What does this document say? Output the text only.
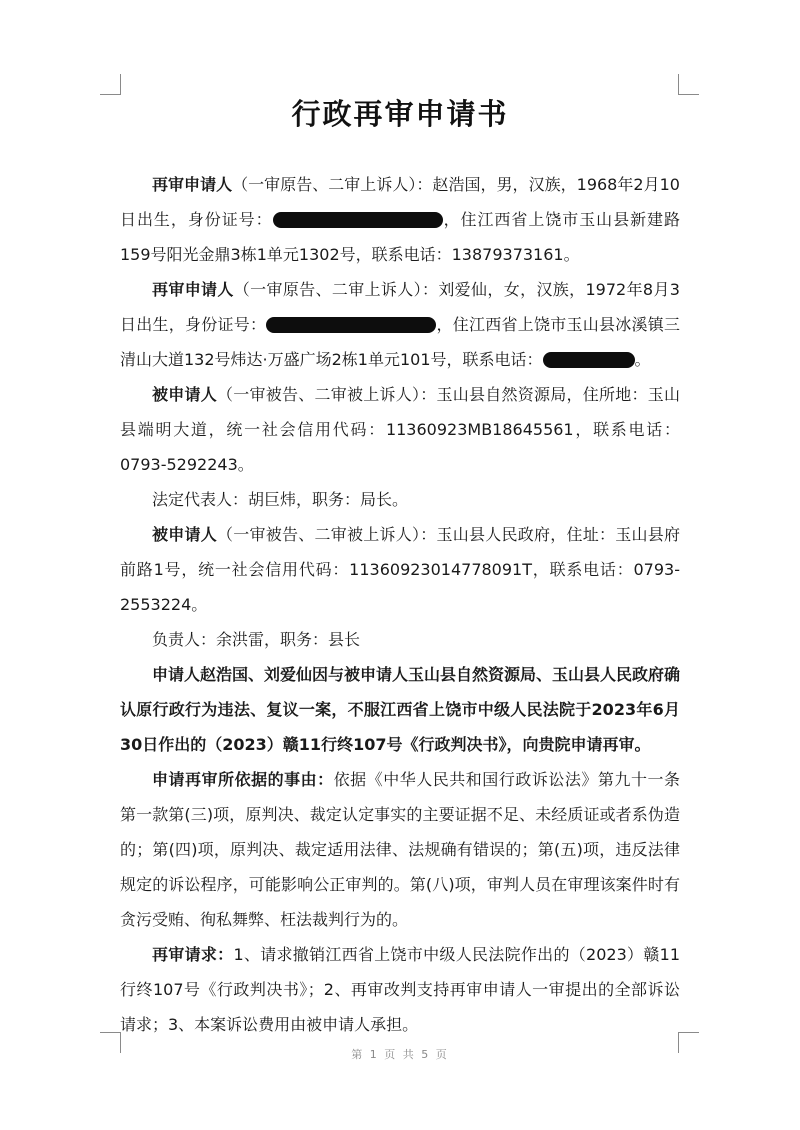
行政再审申请书

再审申请人（一审原告、二审上诉人）：赵浩国，男，汉族，1968年2月10日出生，身份证号：	，住江西省上饶市玉山县新建路159号阳光金鼎3栋1单元1302号，联系电话：13879373161。

再审申请人（一审原告、二审上诉人）：刘爱仙，女，汉族，1972年8月3日出生，身份证号：	，住江西省上饶市玉山县冰溪镇三清山大道132号炜达·万盛广场2栋1单元101号，联系电话：	。

被申请人（一审被告、二审被上诉人）：玉山县自然资源局，住所地：玉山县端明大道，统一社会信用代码：11360923MB18645561，联系电话：0793-5292243。

法定代表人：胡巨炜，职务：局长。

被申请人（一审被告、二审被上诉人）：玉山县人民政府，住址：玉山县府前路1号，统一社会信用代码：11360923014778091T，联系电话：0793-2553224。

负责人：余洪雷，职务：县长

申请人赵浩国、刘爱仙因与被申请人玉山县自然资源局、玉山县人民政府确认原行政行为违法、复议一案，不服江西省上饶市中级人民法院于2023年6月30日作出的（2023）赣11行终107号《行政判决书》，向贵院申请再审。

申请再审所依据的事由：依据《中华人民共和国行政诉讼法》第九十一条第一款第(三)项，原判决、裁定认定事实的主要证据不足、未经质证或者系伪造的；第(四)项，原判决、裁定适用法律、法规确有错误的；第(五)项，违反法律规定的诉讼程序，可能影响公正审判的。第(八)项，审判人员在审理该案件时有贪污受贿、徇私舞弊、枉法裁判行为的。

再审请求：1、请求撤销江西省上饶市中级人民法院作出的（2023）赣11行终107号《行政判决书》；2、再审改判支持再审申请人一审提出的全部诉讼请求；3、本案诉讼费用由被申请人承担。

第 1 页 共 5 页
